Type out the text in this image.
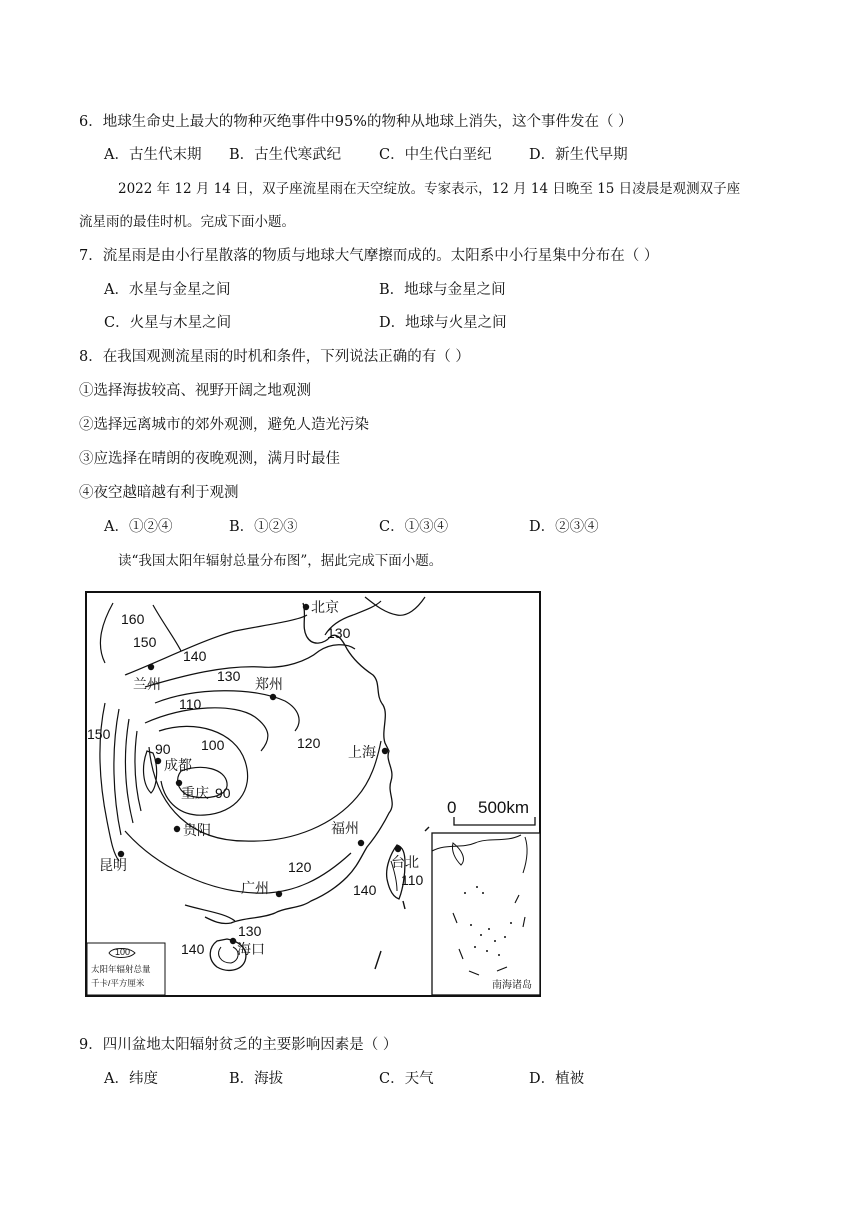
6．地球生命史上最大的物种灭绝事件中95%的物种从地球上消失，这个事件发在（ ）
A．古生代末期 B．古生代寒武纪	C．中生代白垩纪	D．新生代早期
2022 年 12 月 14 日，双子座流星雨在天空绽放。专家表示，12 月 14 日晚至 15 日凌晨是观测双子座
流星雨的最佳时机。完成下面小题。
7．流星雨是由小行星散落的物质与地球大气摩擦而成的。太阳系中小行星集中分布在（ ）
A．水星与金星之间	B．地球与金星之间
C．火星与木星之间	D．地球与火星之间
8．在我国观测流星雨的时机和条件，下列说法正确的有（ ）
①选择海拔较高、视野开阔之地观测
②选择远离城市的郊外观测，避免人造光污染
③应选择在晴朗的夜晚观测，满月时最佳
④夜空越暗越有利于观测
A．①②④	B．①②③	C．①③④	D．②③④
读“我国太阳年辐射总量分布图”，据此完成下面小题。
160
150
140
130
130
110
150
90 100	120
90
120
140
110
130
140
北京
兰州	郑州
成都
重庆
贵阳
昆明
上海
福州
台北
广州
海口
0 500km
南海诸岛
100
太阳年辐射总量
千卡/平方厘米
9．四川盆地太阳辐射贫乏的主要影响因素是（ ）
A．纬度	B．海拔	C．天气	D．植被
